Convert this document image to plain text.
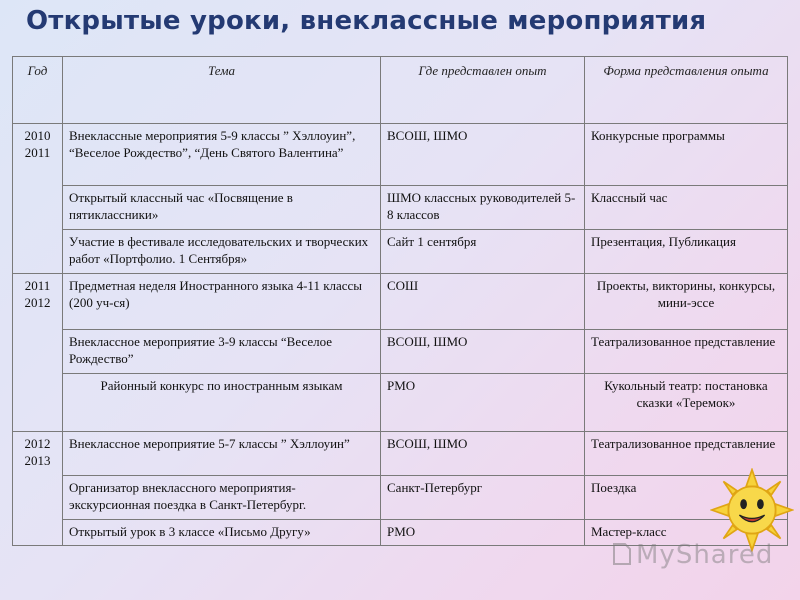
Открытые уроки, внеклассные мероприятия
Год	Тема	Где представлен опыт	Форма представления опыта

2010
2011	Внеклассные мероприятия 5-9 классы ” Хэллоуин”, “Веселое Рождество”, “День Святого Валентина”	ВСОШ, ШМО	Конкурсные программы
	Открытый классный час «Посвящение в пятиклассники»	ШМО классных руководителей 5-8 классов	Классный час
	Участие в фестивале исследовательских и творческих работ «Портфолио. 1 Сентября»	Сайт 1 сентября	Презентация, Публикация

2011
2012	Предметная неделя Иностранного языка 4-11 классы (200 уч-ся)	СОШ	Проекты, викторины, конкурсы, мини-эссе
	Внеклассное мероприятие 3-9 классы “Веселое Рождество”	ВСОШ, ШМО	Театрализованное представление
	Районный конкурс по иностранным языкам	РМО	Кукольный театр: постановка сказки «Теремок»

2012
2013	Внеклассное мероприятие 5-7 классы ” Хэллоуин”	ВСОШ, ШМО	Театрализованное представление
	Организатор внеклассного мероприятия-экскурсионная поездка в Санкт-Петербург.	Санкт-Петербург	Поездка
	Открытый урок в 3 классе «Письмо Другу»	РМО	Мастер-класс
MyShared
